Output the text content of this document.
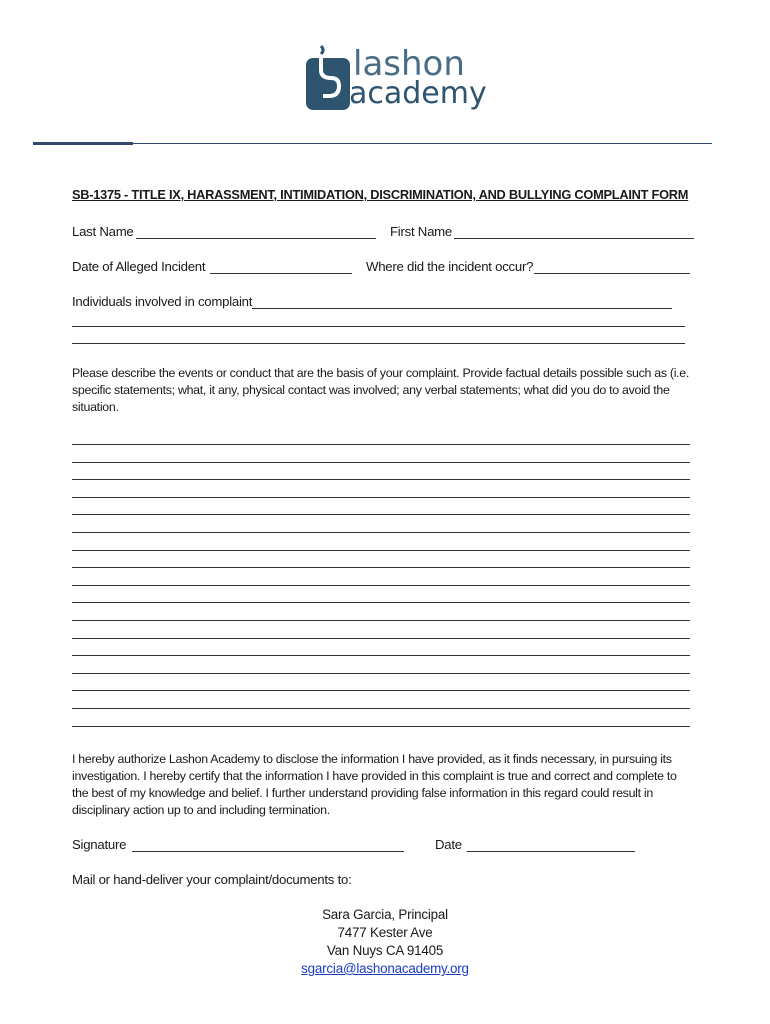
lashon
academy
SB-1375 - TITLE IX, HARASSMENT, INTIMIDATION, DISCRIMINATION, AND BULLYING COMPLAINT FORM
Last Name	First Name
Date of Alleged Incident	Where did the incident occur?
Individuals involved in complaint
Please describe the events or conduct that are the basis of your complaint. Provide factual details possible such as (i.e. specific statements; what, it any, physical contact was involved; any verbal statements; what did you do to avoid the situation.
I hereby authorize Lashon Academy to disclose the information I have provided, as it finds necessary, in pursuing its investigation. I hereby certify that the information I have provided in this complaint is true and correct and complete to the best of my knowledge and belief. I further understand providing false information in this regard could result in disciplinary action up to and including termination.
Signature	Date
Mail or hand-deliver your complaint/documents to:
Sara Garcia, Principal
7477 Kester Ave
Van Nuys CA 91405
sgarcia@lashonacademy.org
